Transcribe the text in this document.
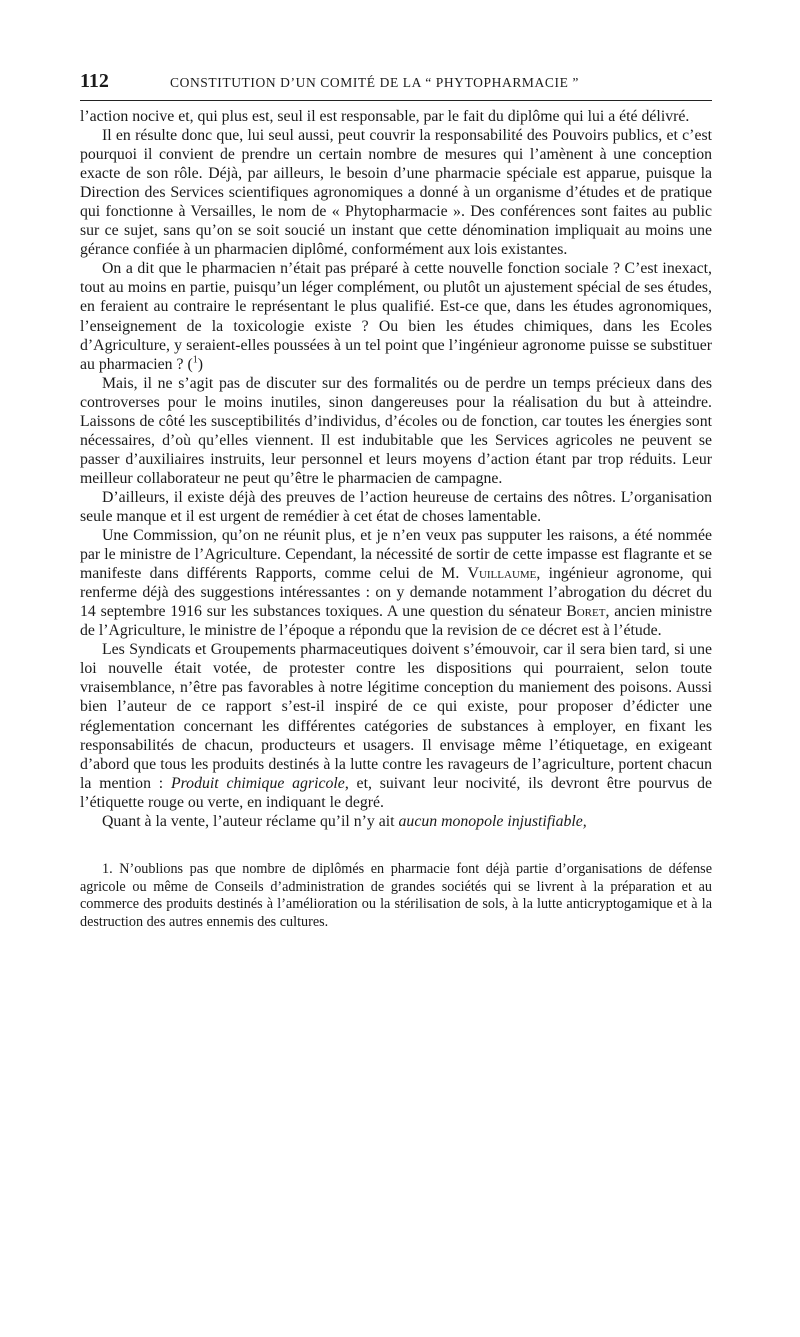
112	CONSTITUTION D’UN COMITÉ DE LA “ PHYTOPHARMACIE ”

l’action nocive et, qui plus est, seul il est responsable, par le fait du diplôme qui lui a été délivré.

Il en résulte donc que, lui seul aussi, peut couvrir la responsabilité des Pouvoirs publics, et c’est pourquoi il convient de prendre un certain nombre de mesures qui l’amènent à une conception exacte de son rôle. Déjà, par ailleurs, le besoin d’une pharmacie spéciale est apparue, puisque la Direction des Services scientifiques agronomiques a donné à un organisme d’études et de pratique qui fonctionne à Versailles, le nom de « Phytopharmacie ». Des conférences sont faites au public sur ce sujet, sans qu’on se soit soucié un instant que cette dénomination impliquait au moins une gérance confiée à un pharmacien diplômé, conformément aux lois existantes.

On a dit que le pharmacien n’était pas préparé à cette nouvelle fonction sociale ? C’est inexact, tout au moins en partie, puisqu’un léger complément, ou plutôt un ajustement spécial de ses études, en feraient au contraire le représentant le plus qualifié. Est-ce que, dans les études agronomiques, l’enseignement de la toxicologie existe ? Ou bien les études chimiques, dans les Ecoles d’Agriculture, y seraient-elles poussées à un tel point que l’ingénieur agronome puisse se substituer au pharmacien ? ($^1$)

Mais, il ne s’agit pas de discuter sur des formalités ou de perdre un temps précieux dans des controverses pour le moins inutiles, sinon dangereuses pour la réalisation du but à atteindre. Laissons de côté les susceptibilités d’individus, d’écoles ou de fonction, car toutes les énergies sont nécessaires, d’où qu’elles viennent. Il est indubitable que les Services agricoles ne peuvent se passer d’auxiliaires instruits, leur personnel et leurs moyens d’action étant par trop réduits. Leur meilleur collaborateur ne peut qu’être le pharmacien de campagne.

D’ailleurs, il existe déjà des preuves de l’action heureuse de certains des nôtres. L’organisation seule manque et il est urgent de remédier à cet état de choses lamentable.

Une Commission, qu’on ne réunit plus, et je n’en veux pas supputer les raisons, a été nommée par le ministre de l’Agriculture. Cependant, la nécessité de sortir de cette impasse est flagrante et se manifeste dans différents Rapports, comme celui de M. Vuillaume, ingénieur agronome, qui renferme déjà des suggestions intéressantes : on y demande notamment l’abrogation du décret du 14 septembre 1916 sur les substances toxiques. A une question du sénateur Boret, ancien ministre de l’Agriculture, le ministre de l’époque a répondu que la revision de ce décret est à l’étude.

Les Syndicats et Groupements pharmaceutiques doivent s’émouvoir, car il sera bien tard, si une loi nouvelle était votée, de protester contre les dispositions qui pourraient, selon toute vraisemblance, n’être pas favorables à notre légitime conception du maniement des poisons. Aussi bien l’auteur de ce rapport s’est-il inspiré de ce qui existe, pour proposer d’édicter une réglementation concernant les différentes catégories de substances à employer, en fixant les responsabilités de chacun, producteurs et usagers. Il envisage même l’étiquetage, en exigeant d’abord que tous les produits destinés à la lutte contre les ravageurs de l’agriculture, portent chacun la mention : Produit chimique agricole, et, suivant leur nocivité, ils devront être pourvus de l’étiquette rouge ou verte, en indiquant le degré.

Quant à la vente, l’auteur réclame qu’il n’y ait aucun monopole injustifiable,

1. N’oublions pas que nombre de diplômés en pharmacie font déjà partie d’organisations de défense agricole ou même de Conseils d’administration de grandes sociétés qui se livrent à la préparation et au commerce des produits destinés à l’amélioration ou la stérilisation de sols, à la lutte anticryptogamique et à la destruction des autres ennemis des cultures.
